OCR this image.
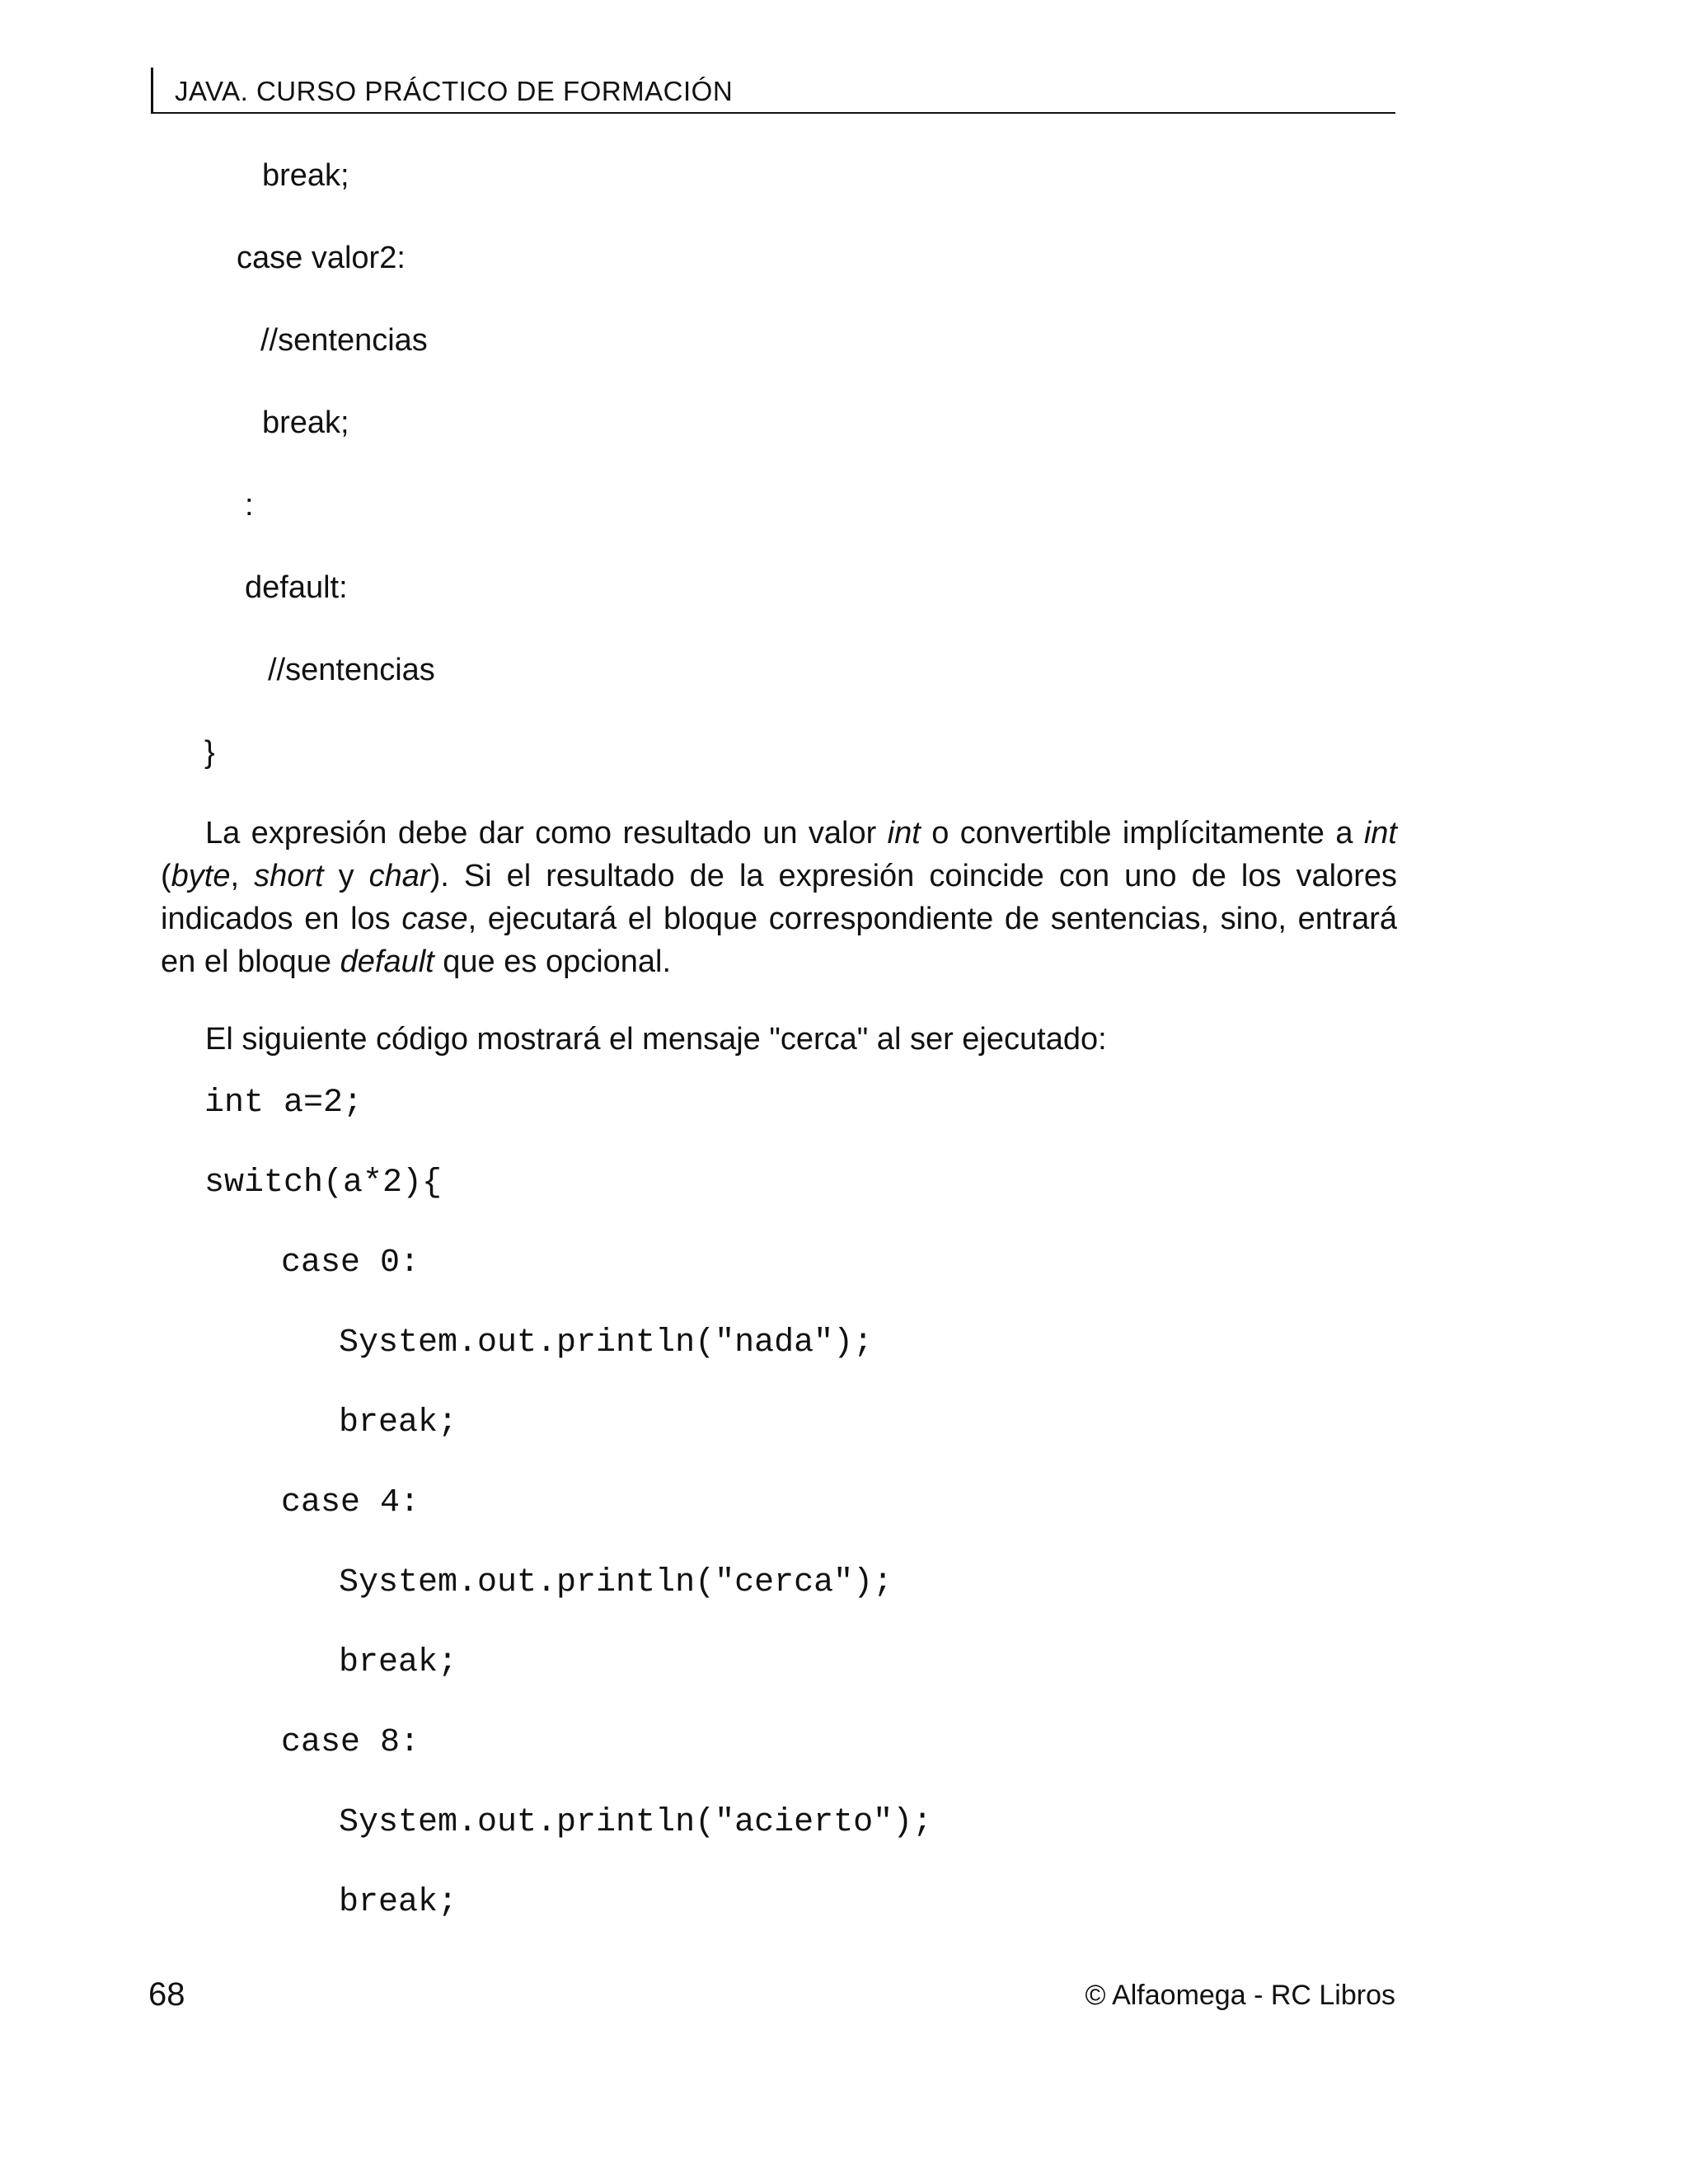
JAVA. CURSO PRÁCTICO DE FORMACIÓN
break;
case valor2:
//sentencias
break;
:
default:
//sentencias
}

La expresión debe dar como resultado un valor int o convertible implícitamente a int (byte, short y char). Si el resultado de la expresión coincide con uno de los valores indicados en los case, ejecutará el bloque correspondiente de sentencias, sino, entrará en el bloque default que es opcional.

El siguiente código mostrará el mensaje "cerca" al ser ejecutado:

int a=2;
switch(a*2){
case 0:
System.out.println("nada");
break;
case 4:
System.out.println("cerca");
break;
case 8:
System.out.println("acierto");
break;
68	© Alfaomega - RC Libros
